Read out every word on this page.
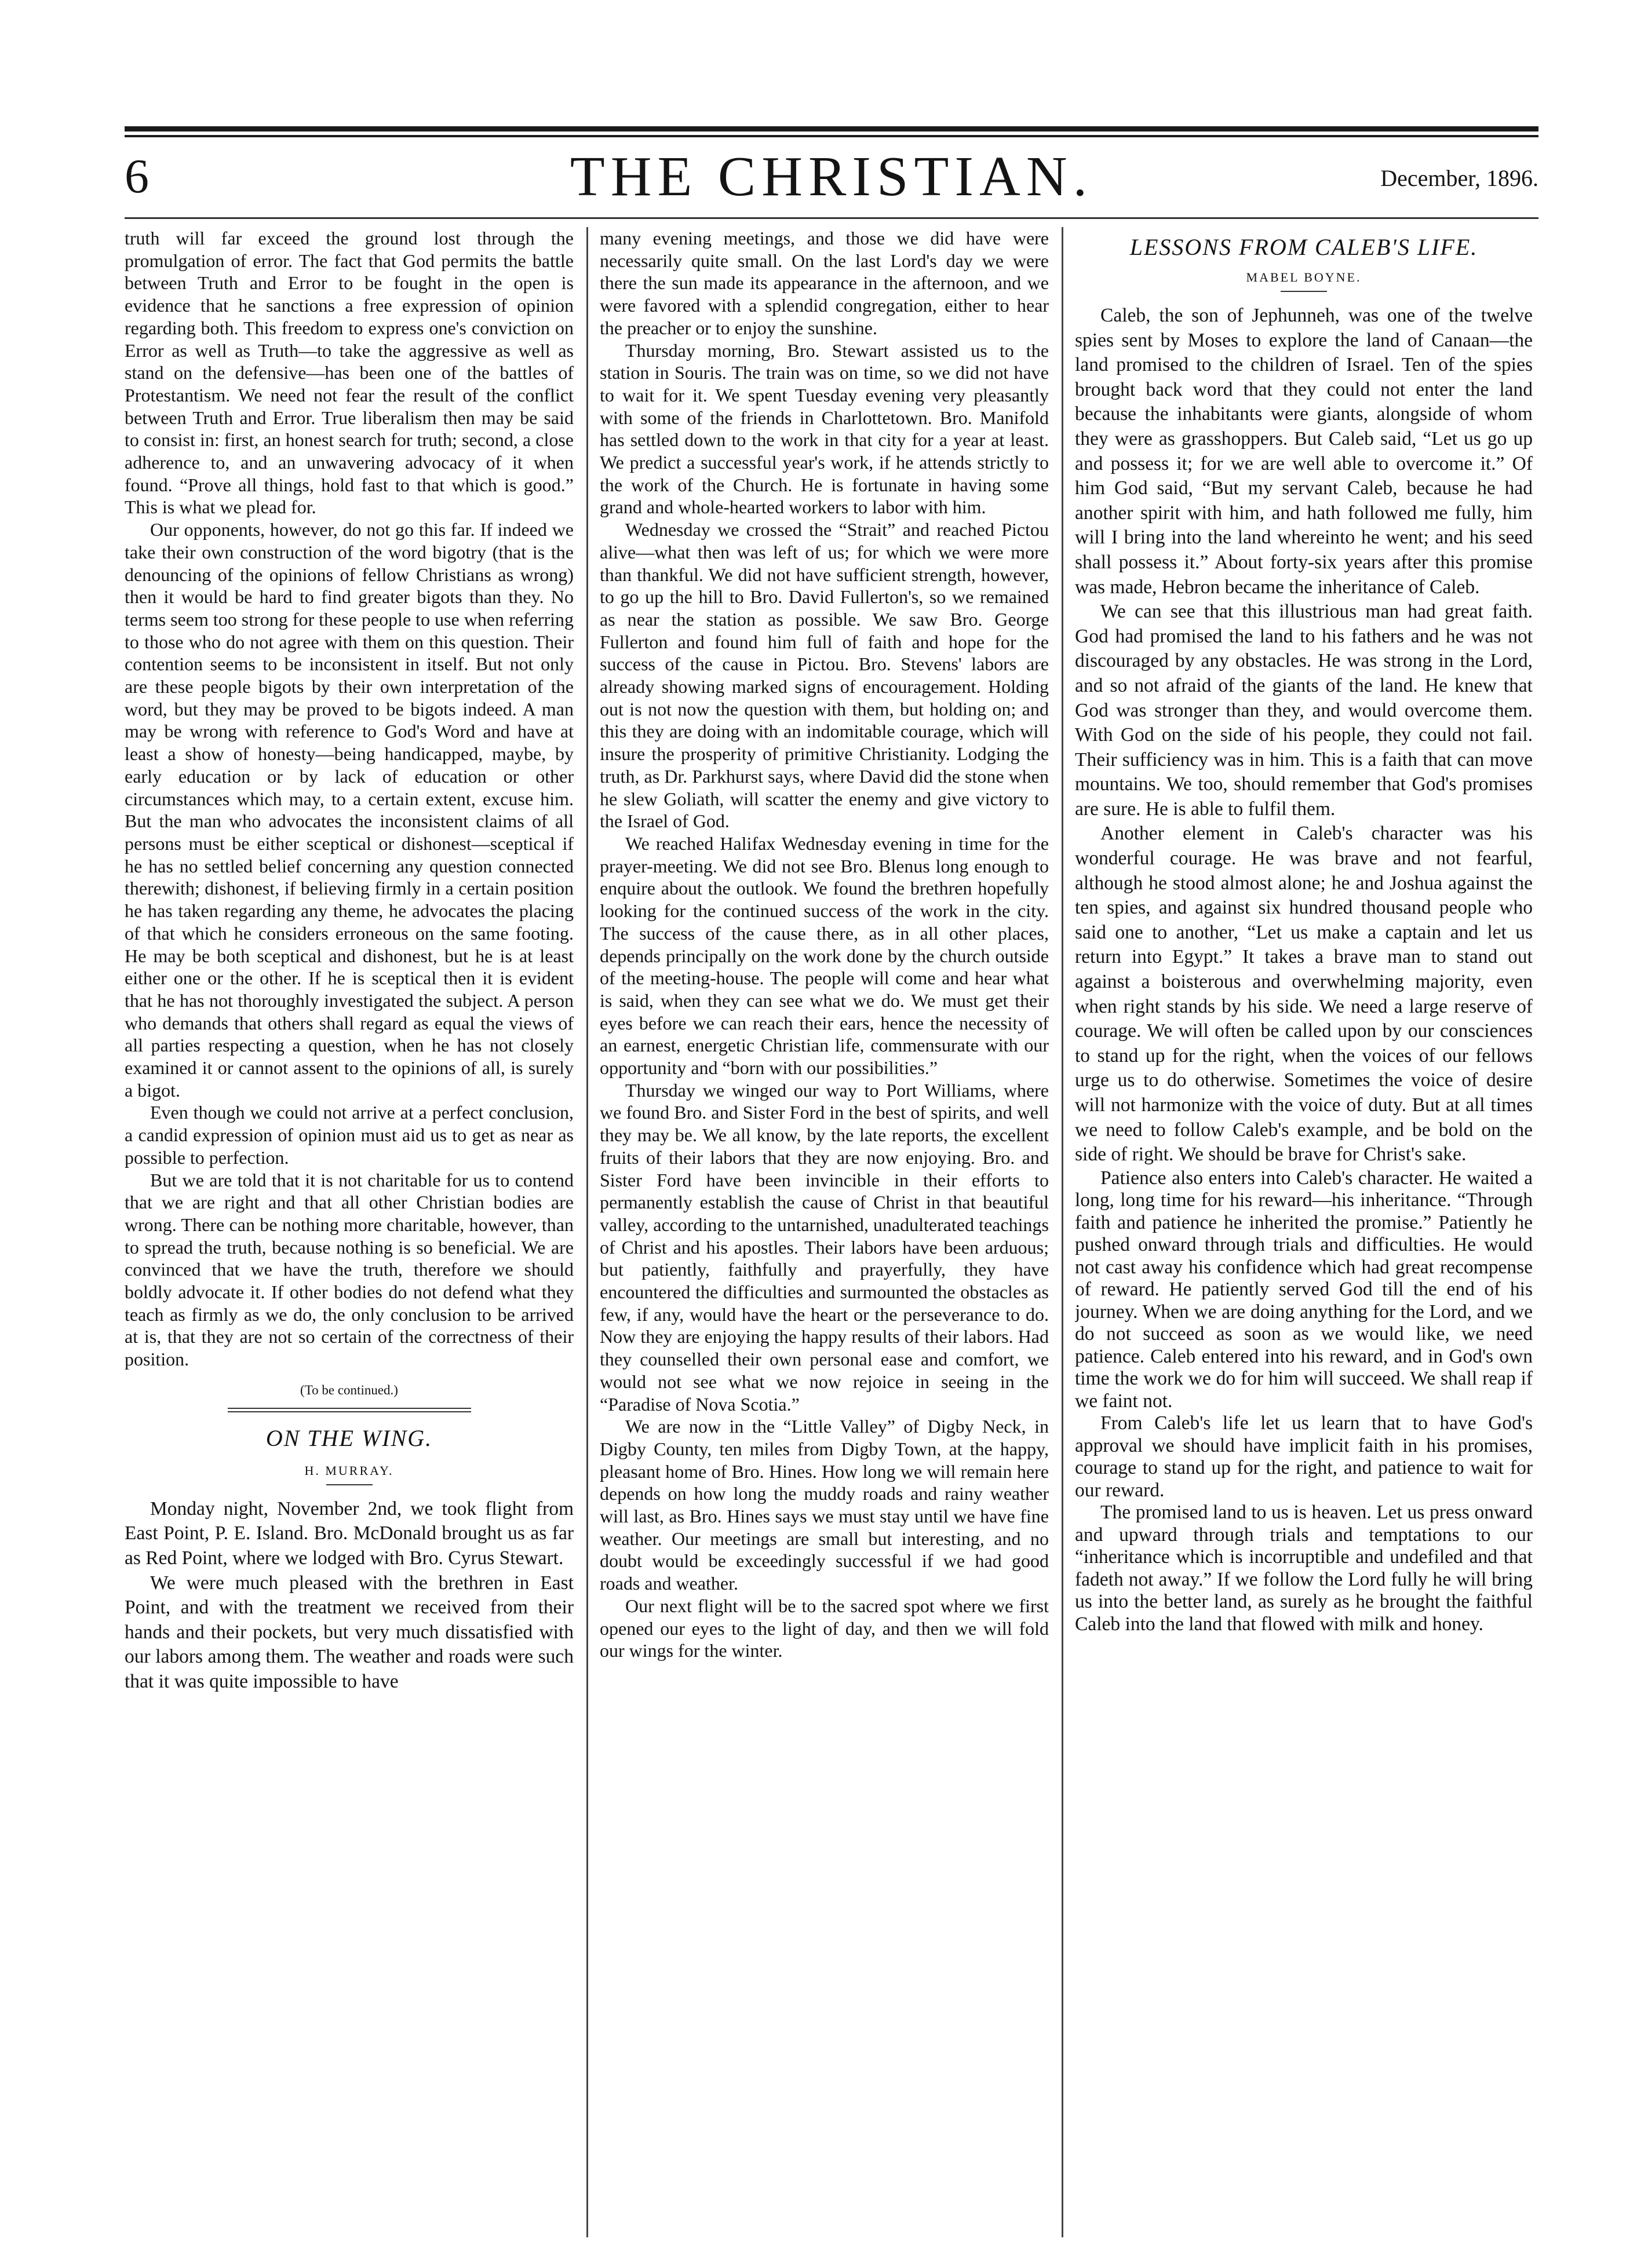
6	THE CHRISTIAN.	December, 1896.

truth will far exceed the ground lost through the promulgation of error. The fact that God permits the battle between Truth and Error to be fought in the open is evidence that he sanctions a free expression of opinion regarding both. This freedom to express one's conviction on Error as well as Truth—to take the aggressive as well as stand on the defensive—has been one of the battles of Protestantism. We need not fear the result of the conflict between Truth and Error. True liberalism then may be said to consist in: first, an honest search for truth; second, a close adherence to, and an unwavering advocacy of it when found. “Prove all things, hold fast to that which is good.” This is what we plead for.

Our opponents, however, do not go this far. If indeed we take their own construction of the word bigotry (that is the denouncing of the opinions of fellow Christians as wrong) then it would be hard to find greater bigots than they. No terms seem too strong for these people to use when referring to those who do not agree with them on this question. Their contention seems to be inconsistent in itself. But not only are these people bigots by their own interpretation of the word, but they may be proved to be bigots indeed. A man may be wrong with reference to God's Word and have at least a show of honesty—being handicapped, maybe, by early education or by lack of education or other circumstances which may, to a certain extent, excuse him. But the man who advocates the inconsistent claims of all persons must be either sceptical or dishonest—sceptical if he has no settled belief concerning any question connected therewith; dishonest, if believing firmly in a certain position he has taken regarding any theme, he advocates the placing of that which he considers erroneous on the same footing. He may be both sceptical and dishonest, but he is at least either one or the other. If he is sceptical then it is evident that he has not thoroughly investigated the subject. A person who demands that others shall regard as equal the views of all parties respecting a question, when he has not closely examined it or cannot assent to the opinions of all, is surely a bigot.

Even though we could not arrive at a perfect conclusion, a candid expression of opinion must aid us to get as near as possible to perfection.

But we are told that it is not charitable for us to contend that we are right and that all other Christian bodies are wrong. There can be nothing more charitable, however, than to spread the truth, because nothing is so beneficial. We are convinced that we have the truth, therefore we should boldly advocate it. If other bodies do not defend what they teach as firmly as we do, the only conclusion to be arrived at is, that they are not so certain of the correctness of their position.

(To be continued.)

ON THE WING.
H. MURRAY.

Monday night, November 2nd, we took flight from East Point, P. E. Island. Bro. McDonald brought us as far as Red Point, where we lodged with Bro. Cyrus Stewart.

We were much pleased with the brethren in East Point, and with the treatment we received from their hands and their pockets, but very much dissatisfied with our labors among them. The weather and roads were such that it was quite impossible to have

many evening meetings, and those we did have were necessarily quite small. On the last Lord's day we were there the sun made its appearance in the afternoon, and we were favored with a splendid congregation, either to hear the preacher or to enjoy the sunshine.

Thursday morning, Bro. Stewart assisted us to the station in Souris. The train was on time, so we did not have to wait for it. We spent Tuesday evening very pleasantly with some of the friends in Charlottetown. Bro. Manifold has settled down to the work in that city for a year at least. We predict a successful year's work, if he attends strictly to the work of the Church. He is fortunate in having some grand and whole-hearted workers to labor with him.

Wednesday we crossed the “Strait” and reached Pictou alive—what then was left of us; for which we were more than thankful. We did not have sufficient strength, however, to go up the hill to Bro. David Fullerton's, so we remained as near the station as possible. We saw Bro. George Fullerton and found him full of faith and hope for the success of the cause in Pictou. Bro. Stevens' labors are already showing marked signs of encouragement. Holding out is not now the question with them, but holding on; and this they are doing with an indomitable courage, which will insure the prosperity of primitive Christianity. Lodging the truth, as Dr. Parkhurst says, where David did the stone when he slew Goliath, will scatter the enemy and give victory to the Israel of God.

We reached Halifax Wednesday evening in time for the prayer-meeting. We did not see Bro. Blenus long enough to enquire about the outlook. We found the brethren hopefully looking for the continued success of the work in the city. The success of the cause there, as in all other places, depends principally on the work done by the church outside of the meeting-house. The people will come and hear what is said, when they can see what we do. We must get their eyes before we can reach their ears, hence the necessity of an earnest, energetic Christian life, commensurate with our opportunity and “born with our possibilities.”

Thursday we winged our way to Port Williams, where we found Bro. and Sister Ford in the best of spirits, and well they may be. We all know, by the late reports, the excellent fruits of their labors that they are now enjoying. Bro. and Sister Ford have been invincible in their efforts to permanently establish the cause of Christ in that beautiful valley, according to the untarnished, unadulterated teachings of Christ and his apostles. Their labors have been arduous; but patiently, faithfully and prayerfully, they have encountered the difficulties and surmounted the obstacles as few, if any, would have the heart or the perseverance to do. Now they are enjoying the happy results of their labors. Had they counselled their own personal ease and comfort, we would not see what we now rejoice in seeing in the “Paradise of Nova Scotia.”

We are now in the “Little Valley” of Digby Neck, in Digby County, ten miles from Digby Town, at the happy, pleasant home of Bro. Hines. How long we will remain here depends on how long the muddy roads and rainy weather will last, as Bro. Hines says we must stay until we have fine weather. Our meetings are small but interesting, and no doubt would be exceedingly successful if we had good roads and weather.

Our next flight will be to the sacred spot where we first opened our eyes to the light of day, and then we will fold our wings for the winter.

LESSONS FROM CALEB'S LIFE.
MABEL BOYNE.

Caleb, the son of Jephunneh, was one of the twelve spies sent by Moses to explore the land of Canaan—the land promised to the children of Israel. Ten of the spies brought back word that they could not enter the land because the inhabitants were giants, alongside of whom they were as grasshoppers. But Caleb said, “Let us go up and possess it; for we are well able to overcome it.” Of him God said, “But my servant Caleb, because he had another spirit with him, and hath followed me fully, him will I bring into the land whereinto he went; and his seed shall possess it.” About forty-six years after this promise was made, Hebron became the inheritance of Caleb.

We can see that this illustrious man had great faith. God had promised the land to his fathers and he was not discouraged by any obstacles. He was strong in the Lord, and so not afraid of the giants of the land. He knew that God was stronger than they, and would overcome them. With God on the side of his people, they could not fail. Their sufficiency was in him. This is a faith that can move mountains. We too, should remember that God's promises are sure. He is able to fulfil them.

Another element in Caleb's character was his wonderful courage. He was brave and not fearful, although he stood almost alone; he and Joshua against the ten spies, and against six hundred thousand people who said one to another, “Let us make a captain and let us return into Egypt.” It takes a brave man to stand out against a boisterous and overwhelming majority, even when right stands by his side. We need a large reserve of courage. We will often be called upon by our consciences to stand up for the right, when the voices of our fellows urge us to do otherwise. Sometimes the voice of desire will not harmonize with the voice of duty. But at all times we need to follow Caleb's example, and be bold on the side of right. We should be brave for Christ's sake.

Patience also enters into Caleb's character. He waited a long, long time for his reward—his inheritance. “Through faith and patience he inherited the promise.” Patiently he pushed onward through trials and difficulties. He would not cast away his confidence which had great recompense of reward. He patiently served God till the end of his journey. When we are doing anything for the Lord, and we do not succeed as soon as we would like, we need patience. Caleb entered into his reward, and in God's own time the work we do for him will succeed. We shall reap if we faint not.

From Caleb's life let us learn that to have God's approval we should have implicit faith in his promises, courage to stand up for the right, and patience to wait for our reward.

The promised land to us is heaven. Let us press onward and upward through trials and temptations to our “inheritance which is incorruptible and undefiled and that fadeth not away.” If we follow the Lord fully he will bring us into the better land, as surely as he brought the faithful Caleb into the land that flowed with milk and honey.
